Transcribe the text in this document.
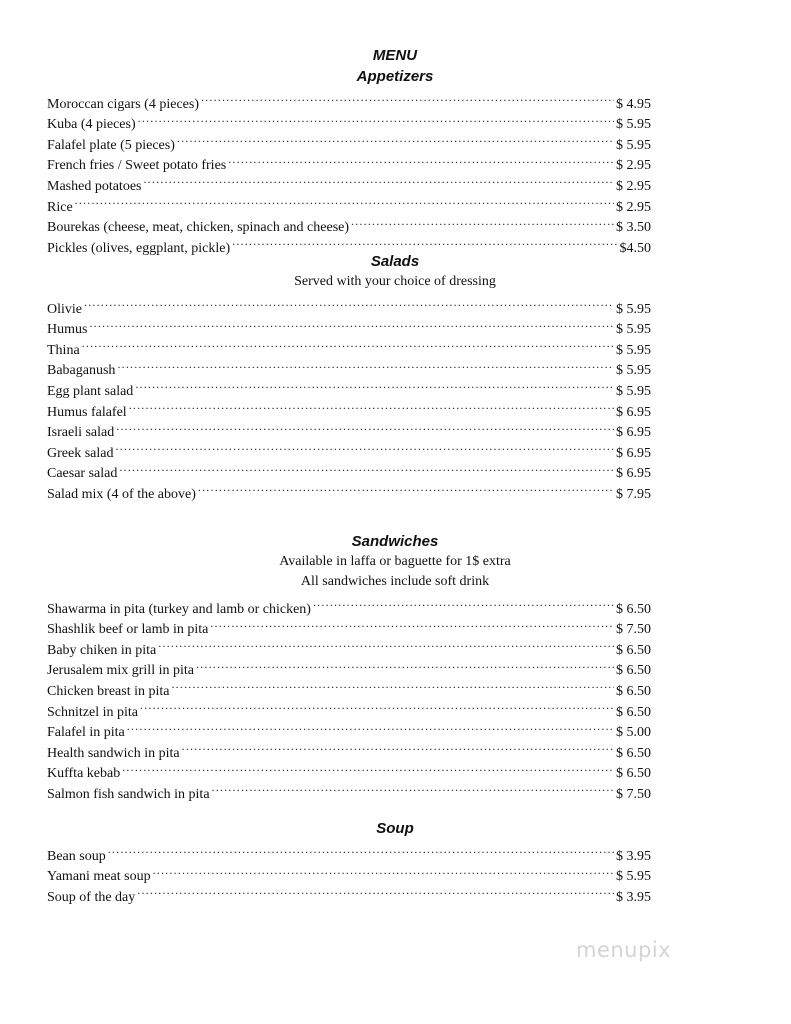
MENU
Appetizers
Moroccan cigars (4 pieces) .....	$ 4.95
Kuba (4 pieces) .....	$ 5.95
Falafel plate (5 pieces) .....	$ 5.95
French fries / Sweet potato fries .....	$ 2.95
Mashed potatoes .....	$ 2.95
Rice .....	$ 2.95
Bourekas (cheese, meat, chicken, spinach and cheese) .....	$ 3.50
Pickles (olives, eggplant, pickle) .....	$4.50
Salads
Served with your choice of dressing
Olivie .....	$ 5.95
Humus .....	$ 5.95
Thina .....	$ 5.95
Babaganush .....	$ 5.95
Egg plant salad .....	$ 5.95
Humus falafel .....	$ 6.95
Israeli salad .....	$ 6.95
Greek salad .....	$ 6.95
Caesar salad .....	$ 6.95
Salad mix (4 of the above) .....	$ 7.95
Sandwiches
Available in laffa or baguette for 1$ extra
All sandwiches include soft drink
Shawarma in pita (turkey and lamb or chicken) .....	$ 6.50
Shashlik beef or lamb in pita .....	$ 7.50
Baby chiken in pita .....	$ 6.50
Jerusalem mix grill in pita .....	$ 6.50
Chicken breast in pita .....	$ 6.50
Schnitzel in pita .....	$ 6.50
Falafel in pita .....	$ 5.00
Health sandwich in pita .....	$ 6.50
Kuffta kebab .....	$ 6.50
Salmon fish sandwich in pita .....	$ 7.50
Soup
Bean soup .....	$ 3.95
Yamani meat soup .....	$ 5.95
Soup of the day .....	$ 3.95
menupix
